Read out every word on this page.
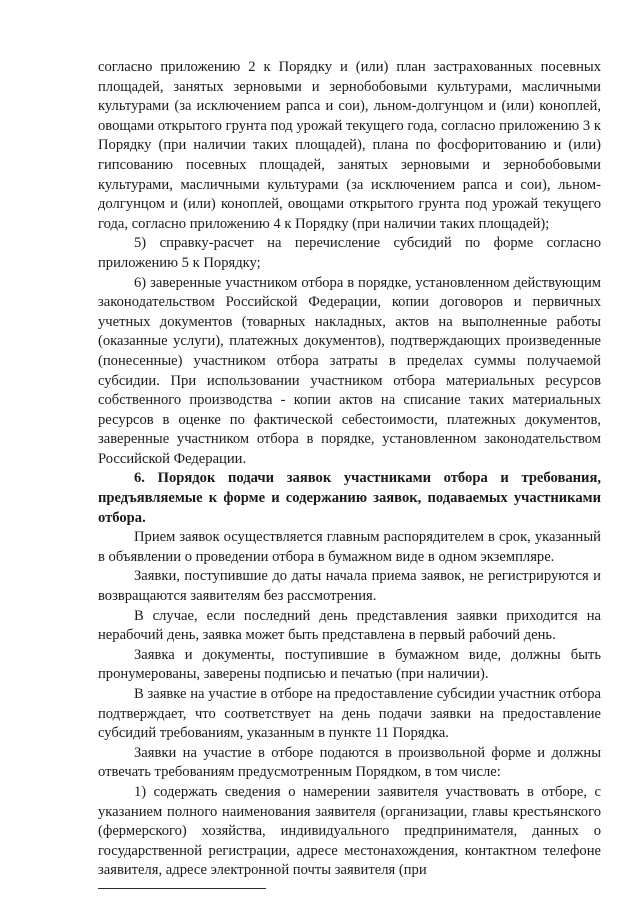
согласно приложению 2 к Порядку и (или) план застрахованных посевных площадей, занятых зерновыми и зернобобовыми культурами, масличными культурами (за исключением рапса и сои), льном-долгунцом и (или) коноплей, овощами открытого грунта под урожай текущего года, согласно приложению 3 к Порядку (при наличии таких площадей), плана по фосфоритованию и (или) гипсованию посевных площадей, занятых зерновыми и зернобобовыми культурами, масличными культурами (за исключением рапса и сои), льном-долгунцом и (или) коноплей, овощами открытого грунта под урожай текущего года, согласно приложению 4 к Порядку (при наличии таких площадей);

5) справку-расчет на перечисление субсидий по форме согласно приложению 5 к Порядку;

6) заверенные участником отбора в порядке, установленном действующим законодательством Российской Федерации, копии договоров и первичных учетных документов (товарных накладных, актов на выполненные работы (оказанные услуги), платежных документов), подтверждающих произведенные (понесенные) участником отбора затраты в пределах суммы получаемой субсидии. При использовании участником отбора материальных ресурсов собственного производства - копии актов на списание таких материальных ресурсов в оценке по фактической себестоимости, платежных документов, заверенные участником отбора в порядке, установленном законодательством Российской Федерации.

6. Порядок подачи заявок участниками отбора и требования, предъявляемые к форме и содержанию заявок, подаваемых участниками отбора.

Прием заявок осуществляется главным распорядителем в срок, указанный в объявлении о проведении отбора в бумажном виде в одном экземпляре.

Заявки, поступившие до даты начала приема заявок, не регистрируются и возвращаются заявителям без рассмотрения.

В случае, если последний день представления заявки приходится на нерабочий день, заявка может быть представлена в первый рабочий день.

Заявка и документы, поступившие в бумажном виде, должны быть пронумерованы, заверены подписью и печатью (при наличии).

В заявке на участие в отборе на предоставление субсидии участник отбора подтверждает, что соответствует на день подачи заявки на предоставление субсидий требованиям, указанным в пункте 11 Порядка.

Заявки на участие в отборе подаются в произвольной форме и должны отвечать требованиям предусмотренным Порядком, в том числе:

1) содержать сведения о намерении заявителя участвовать в отборе, с указанием полного наименования заявителя (организации, главы крестьянского (фермерского) хозяйства, индивидуального предпринимателя, данных о государственной регистрации, адресе местонахождения, контактном телефоне заявителя, адресе электронной почты заявителя (при
